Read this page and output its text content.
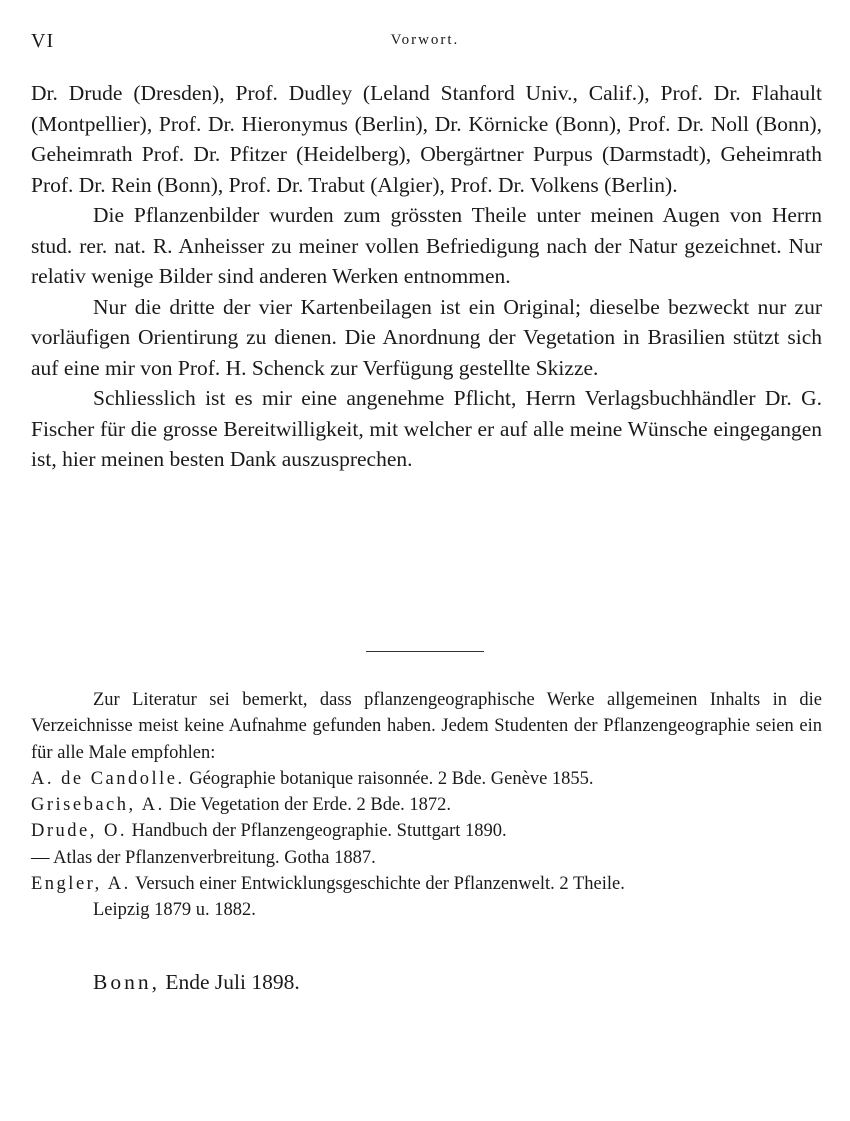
VI	Vorwort.

Dr. Drude (Dresden), Prof. Dudley (Leland Stanford Univ., Calif.), Prof. Dr. Flahault (Montpellier), Prof. Dr. Hieronymus (Berlin), Dr. Körnicke (Bonn), Prof. Dr. Noll (Bonn), Geheimrath Prof. Dr. Pfitzer (Heidelberg), Obergärtner Purpus (Darmstadt), Geheimrath Prof. Dr. Rein (Bonn), Prof. Dr. Trabut (Algier), Prof. Dr. Volkens (Berlin).

Die Pflanzenbilder wurden zum grössten Theile unter meinen Augen von Herrn stud. rer. nat. R. Anheisser zu meiner vollen Befriedigung nach der Natur gezeichnet. Nur relativ wenige Bilder sind anderen Werken entnommen.

Nur die dritte der vier Kartenbeilagen ist ein Original; dieselbe bezweckt nur zur vorläufigen Orientirung zu dienen. Die Anordnung der Vegetation in Brasilien stützt sich auf eine mir von Prof. H. Schenck zur Verfügung gestellte Skizze.

Schliesslich ist es mir eine angenehme Pflicht, Herrn Verlagsbuchhändler Dr. G. Fischer für die grosse Bereitwilligkeit, mit welcher er auf alle meine Wünsche eingegangen ist, hier meinen besten Dank auszusprechen.

Zur Literatur sei bemerkt, dass pflanzengeographische Werke allgemeinen Inhalts in die Verzeichnisse meist keine Aufnahme gefunden haben. Jedem Studenten der Pflanzengeographie seien ein für alle Male empfohlen:

A. de Candolle. Géographie botanique raisonnée. 2 Bde. Genève 1855.
Grisebach, A. Die Vegetation der Erde. 2 Bde. 1872.
Drude, O. Handbuch der Pflanzengeographie. Stuttgart 1890.
— Atlas der Pflanzenverbreitung. Gotha 1887.
Engler, A. Versuch einer Entwicklungsgeschichte der Pflanzenwelt. 2 Theile.
Leipzig 1879 u. 1882.
Bonn, Ende Juli 1898.
